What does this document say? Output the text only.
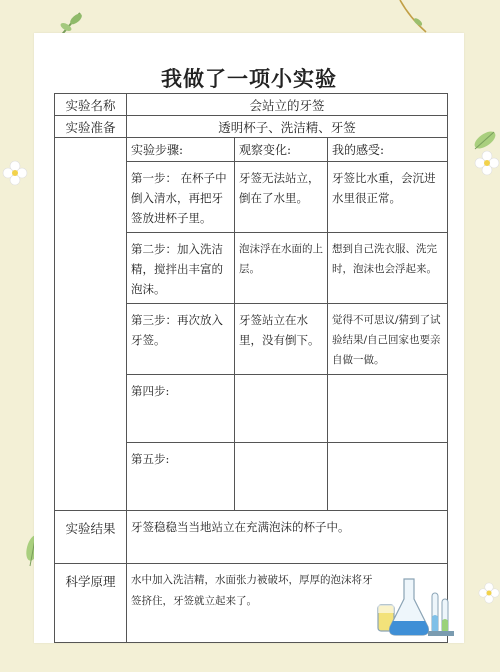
我做了一项小实验
实验名称	会站立的牙签		
实验准备	透明杯子、洗洁精、牙签		
	实验步骤:	观察变化:	我的感受:
	第一步： 在杯子中倒入清水，再把牙签放进杯子里。	牙签无法站立，倒在了水里。	牙签比水重，会沉进水里很正常。
	第二步：加入洗洁精，搅拌出丰富的泡沫。	泡沫浮在水面的上层。	想到自己洗衣服、洗完时，泡沫也会浮起来。
	第三步：再次放入牙签。	牙签站立在水里，没有倒下。	觉得不可思议/猜到了试验结果/自己回家也要亲自做一做。
	第四步:		
	第五步:		
实验结果	牙签稳稳当当地站立在充满泡沫的杯子中。		
科学原理	水中加入洗洁精，水面张力被破坏，厚厚的泡沫将牙签挤住，牙签就立起来了。		
